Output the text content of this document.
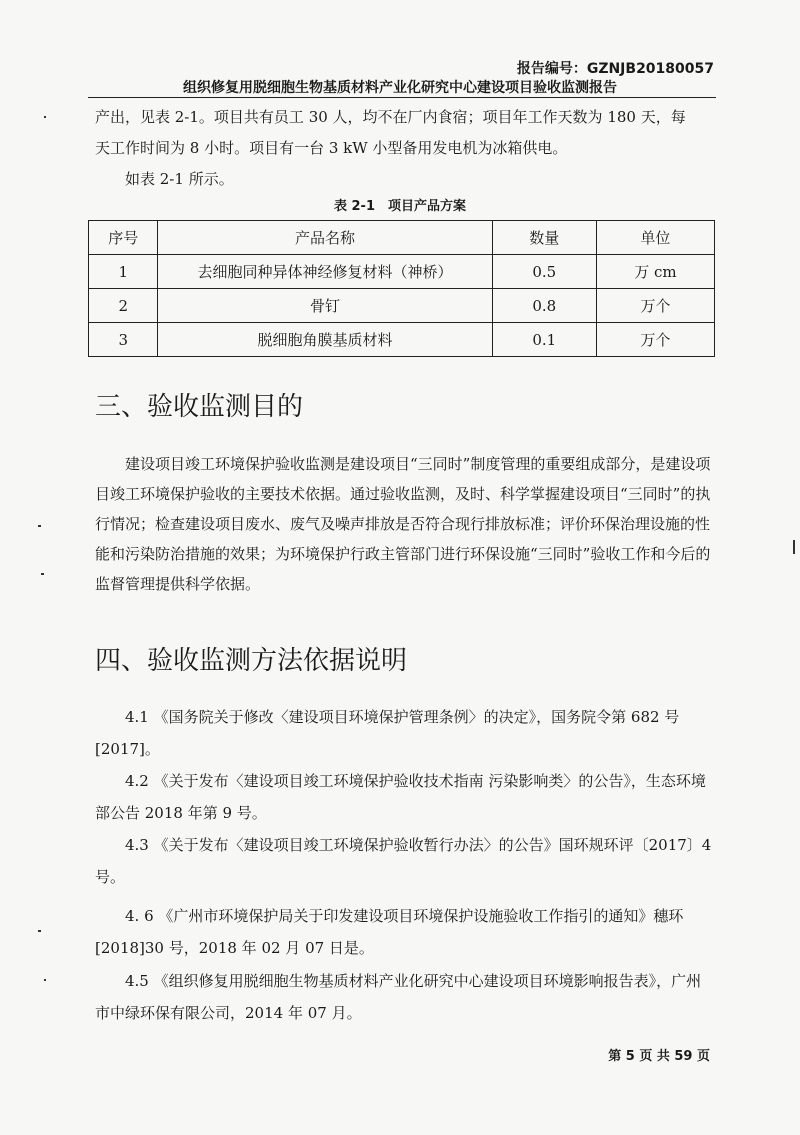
报告编号：GZNJB20180057
组织修复用脱细胞生物基质材料产业化研究中心建设项目验收监测报告
产出，见表 2-1。项目共有员工 30 人，均不在厂内食宿；项目年工作天数为 180 天，每
天工作时间为 8 小时。项目有一台 3 kW 小型备用发电机为冰箱供电。
如表 2-1 所示。
表 2-1　项目产品方案
序号	产品名称	数量	单位
1	去细胞同种异体神经修复材料（神桥）	0.5	万 cm
2	骨钉	0.8	万个
3	脱细胞角膜基质材料	0.1	万个
三、验收监测目的
建设项目竣工环境保护验收监测是建设项目“三同时”制度管理的重要组成部分，是建设项目竣工环境保护验收的主要技术依据。通过验收监测，及时、科学掌握建设项目“三同时”的执行情况；检查建设项目废水、废气及噪声排放是否符合现行排放标准；评价环保治理设施的性能和污染防治措施的效果；为环境保护行政主管部门进行环保设施“三同时”验收工作和今后的监督管理提供科学依据。
四、验收监测方法依据说明
4.1 《国务院关于修改〈建设项目环境保护管理条例〉的决定》，国务院令第 682 号[2017]。
4.2 《关于发布〈建设项目竣工环境保护验收技术指南 污染影响类〉的公告》，生态环境部公告 2018 年第 9 号。
4.3 《关于发布〈建设项目竣工环境保护验收暂行办法〉的公告》国环规环评〔2017〕4 号。
4. 6 《广州市环境保护局关于印发建设项目环境保护设施验收工作指引的通知》穗环[2018]30 号，2018 年 02 月 07 日是。
4.5 《组织修复用脱细胞生物基质材料产业化研究中心建设项目环境影响报告表》，广州市中绿环保有限公司，2014 年 07 月。
第 5 页 共 59 页
